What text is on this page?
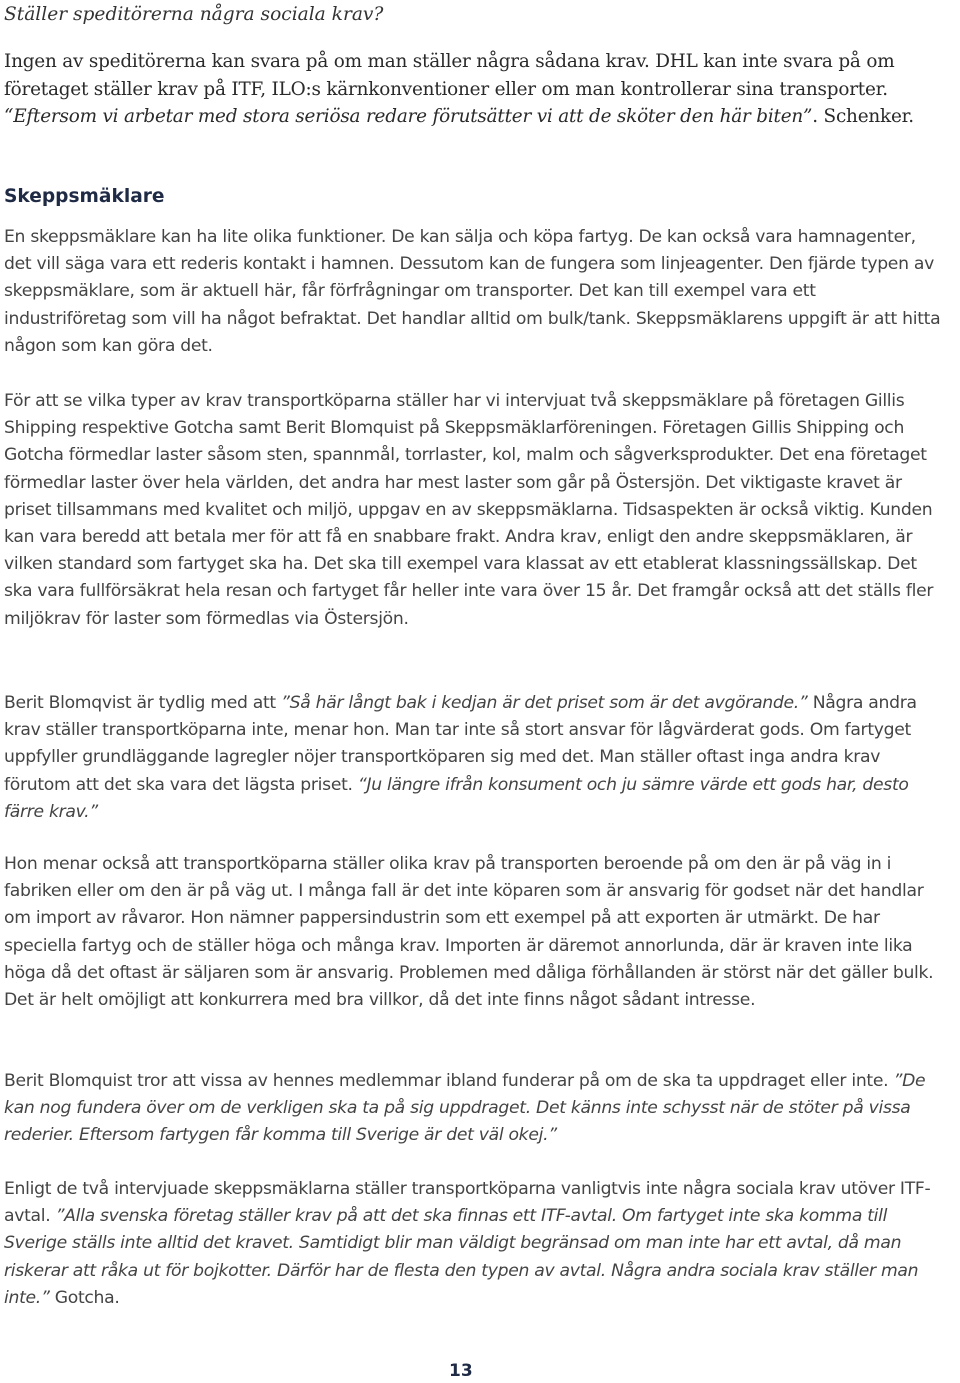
Ställer speditörerna några sociala krav?

Ingen av speditörerna kan svara på om man ställer några sådana krav. DHL kan inte svara på om företaget ställer krav på ITF, ILO:s kärnkonventioner eller om man kontrollerar sina transporter. “Eftersom vi arbetar med stora seriösa redare förutsätter vi att de sköter den här biten”. Schenker.

Skeppsmäklare

En skeppsmäklare kan ha lite olika funktioner. De kan sälja och köpa fartyg. De kan också vara hamnagenter, det vill säga vara ett rederis kontakt i hamnen. Dessutom kan de fungera som linjeagenter. Den fjärde typen av skeppsmäklare, som är aktuell här, får förfrågningar om transporter. Det kan till exempel vara ett industriföretag som vill ha något befraktat. Det handlar alltid om bulk/tank. Skeppsmäklarens uppgift är att hitta någon som kan göra det.

För att se vilka typer av krav transportköparna ställer har vi intervjuat två skeppsmäklare på företagen Gillis Shipping respektive Gotcha samt Berit Blomquist på Skeppsmäklarföreningen. Företagen Gillis Shipping och Gotcha förmedlar laster såsom sten, spannmål, torrlaster, kol, malm och sågverksprodukter. Det ena företaget förmedlar laster över hela världen, det andra har mest laster som går på Östersjön. Det viktigaste kravet är priset tillsammans med kvalitet och miljö, uppgav en av skeppsmäklarna. Tidsaspekten är också viktig. Kunden kan vara beredd att betala mer för att få en snabbare frakt. Andra krav, enligt den andre skeppsmäklaren, är vilken standard som fartyget ska ha. Det ska till exempel vara klassat av ett etablerat klassningssällskap. Det ska vara fullförsäkrat hela resan och fartyget får heller inte vara över 15 år. Det framgår också att det ställs fler miljökrav för laster som förmedlas via Östersjön.

Berit Blomqvist är tydlig med att ”Så här långt bak i kedjan är det priset som är det avgörande.” Några andra krav ställer transportköparna inte, menar hon. Man tar inte så stort ansvar för lågvärderat gods. Om fartyget uppfyller grundläggande lagregler nöjer transportköparen sig med det. Man ställer oftast inga andra krav förutom att det ska vara det lägsta priset. “Ju längre ifrån konsument och ju sämre värde ett gods har, desto färre krav.”

Hon menar också att transportköparna ställer olika krav på transporten beroende på om den är på väg in i fabriken eller om den är på väg ut. I många fall är det inte köparen som är ansvarig för godset när det handlar om import av råvaror. Hon nämner pappersindustrin som ett exempel på att exporten är utmärkt. De har speciella fartyg och de ställer höga och många krav. Importen är däremot annorlunda, där är kraven inte lika höga då det oftast är säljaren som är ansvarig. Problemen med dåliga förhållanden är störst när det gäller bulk. Det är helt omöjligt att konkurrera med bra villkor, då det inte finns något sådant intresse.

Berit Blomquist tror att vissa av hennes medlemmar ibland funderar på om de ska ta uppdraget eller inte. ”De kan nog fundera över om de verkligen ska ta på sig uppdraget. Det känns inte schysst när de stöter på vissa rederier. Eftersom fartygen får komma till Sverige är det väl okej.”

Enligt de två intervjuade skeppsmäklarna ställer transportköparna vanligtvis inte några sociala krav utöver ITF-avtal. ”Alla svenska företag ställer krav på att det ska finnas ett ITF-avtal. Om fartyget inte ska komma till Sverige ställs inte alltid det kravet. Samtidigt blir man väldigt begränsad om man inte har ett avtal, då man riskerar att råka ut för bojkotter. Därför har de flesta den typen av avtal. Några andra sociala krav ställer man inte.” Gotcha.

13
